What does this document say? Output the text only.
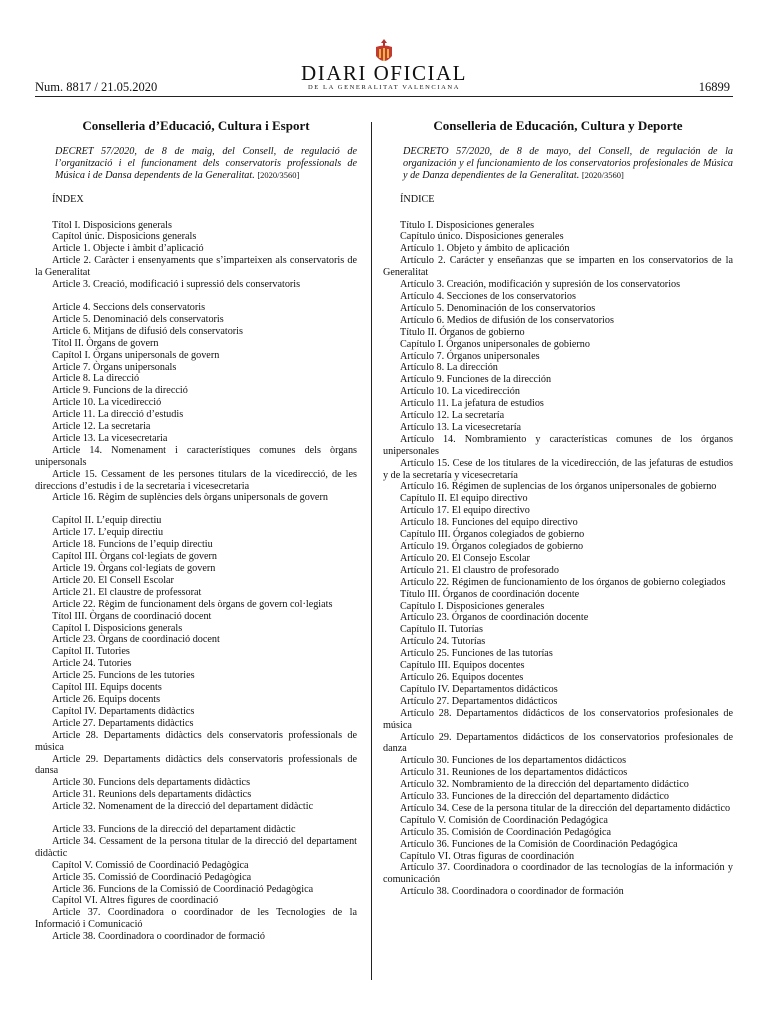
Num. 8817 / 21.05.2020
DIARI OFICIAL
DE LA GENERALITAT VALENCIANA	16899
Conselleria d’Educació, Cultura i Esport
DECRET 57/2020, de 8 de maig, del Consell, de regulació de l’organització i el funcionament dels conservatoris professionals de Música i de Dansa dependents de la Generalitat. [2020/3560]
ÍNDEX
Títol I. Disposicions generals
Capítol únic. Disposicions generals
Article 1. Objecte i àmbit d’aplicació
Article 2. Caràcter i ensenyaments que s’imparteixen als conservatoris de la Generalitat
Article 3. Creació, modificació i supressió dels conservatoris
Article 4. Seccions dels conservatoris
Article 5. Denominació dels conservatoris
Article 6. Mitjans de difusió dels conservatoris
Títol II. Òrgans de govern
Capítol I. Òrgans unipersonals de govern
Article 7. Òrgans unipersonals
Article 8. La direcció
Article 9. Funcions de la direcció
Article 10. La vicedirecció
Article 11. La direcció d’estudis
Article 12. La secretaria
Article 13. La vicesecretaria
Article 14. Nomenament i característiques comunes dels òrgans unipersonals
Article 15. Cessament de les persones titulars de la vicedirecció, de les direccions d’estudis i de la secretaria i vicesecretaria
Article 16. Règim de suplències dels òrgans unipersonals de govern
Capítol II. L’equip directiu
Article 17. L’equip directiu
Article 18. Funcions de l’equip directiu
Capítol III. Òrgans col·legiats de govern
Article 19. Òrgans col·legiats de govern
Article 20. El Consell Escolar
Article 21. El claustre de professorat
Article 22. Règim de funcionament dels òrgans de govern col·legiats
Títol III. Òrgans de coordinació docent
Capítol I. Disposicions generals
Article 23. Òrgans de coordinació docent
Capítol II. Tutories
Article 24. Tutories
Article 25. Funcions de les tutories
Capítol III. Equips docents
Article 26. Equips docents
Capítol IV. Departaments didàctics
Article 27. Departaments didàctics
Article 28. Departaments didàctics dels conservatoris professionals de música
Article 29. Departaments didàctics dels conservatoris professionals de dansa
Article 30. Funcions dels departaments didàctics
Article 31. Reunions dels departaments didàctics
Article 32. Nomenament de la direcció del departament didàctic
Article 33. Funcions de la direcció del departament didàctic
Article 34. Cessament de la persona titular de la direcció del departament didàctic
Capítol V. Comissió de Coordinació Pedagògica
Article 35. Comissió de Coordinació Pedagògica
Article 36. Funcions de la Comissió de Coordinació Pedagògica
Capítol VI. Altres figures de coordinació
Article 37. Coordinadora o coordinador de les Tecnologies de la Informació i Comunicació
Article 38. Coordinadora o coordinador de formació
Conselleria de Educación, Cultura y Deporte
DECRETO 57/2020, de 8 de mayo, del Consell, de regulación de la organización y el funcionamiento de los conservatorios profesionales de Música y de Danza dependientes de la Generalitat. [2020/3560]
ÍNDICE
Título I. Disposiciones generales
Capítulo único. Disposiciones generales
Artículo 1. Objeto y ámbito de aplicación
Artículo 2. Carácter y enseñanzas que se imparten en los conservatorios de la Generalitat
Artículo 3. Creación, modificación y supresión de los conservatorios
Artículo 4. Secciones de los conservatorios
Artículo 5. Denominación de los conservatorios
Artículo 6. Medios de difusión de los conservatorios
Título II. Órganos de gobierno
Capítulo I. Órganos unipersonales de gobierno
Artículo 7. Órganos unipersonales
Artículo 8. La dirección
Artículo 9. Funciones de la dirección
Artículo 10. La vicedirección
Artículo 11. La jefatura de estudios
Artículo 12. La secretaría
Artículo 13. La vicesecretaría
Artículo 14. Nombramiento y características comunes de los órganos unipersonales
Artículo 15. Cese de los titulares de la vicedirección, de las jefaturas de estudios y de la secretaría y vicesecretaría
Artículo 16. Régimen de suplencias de los órganos unipersonales de gobierno
Capítulo II. El equipo directivo
Artículo 17. El equipo directivo
Artículo 18. Funciones del equipo directivo
Capítulo III. Órganos colegiados de gobierno
Artículo 19. Órganos colegiados de gobierno
Artículo 20. El Consejo Escolar
Artículo 21. El claustro de profesorado
Artículo 22. Régimen de funcionamiento de los órganos de gobierno colegiados
Título III. Órganos de coordinación docente
Capítulo I. Disposiciones generales
Artículo 23. Órganos de coordinación docente
Capítulo II. Tutorías
Artículo 24. Tutorías
Artículo 25. Funciones de las tutorías
Capítulo III. Equipos docentes
Artículo 26. Equipos docentes
Capítulo IV. Departamentos didácticos
Artículo 27. Departamentos didácticos
Artículo 28. Departamentos didácticos de los conservatorios profesionales de música
Artículo 29. Departamentos didácticos de los conservatorios profesionales de danza
Artículo 30. Funciones de los departamentos didácticos
Artículo 31. Reuniones de los departamentos didácticos
Artículo 32. Nombramiento de la dirección del departamento didáctico
Artículo 33. Funciones de la dirección del departamento didáctico
Artículo 34. Cese de la persona titular de la dirección del departamento didáctico
Capítulo V. Comisión de Coordinación Pedagógica
Artículo 35. Comisión de Coordinación Pedagógica
Artículo 36. Funciones de la Comisión de Coordinación Pedagógica
Capítulo VI. Otras figuras de coordinación
Artículo 37. Coordinadora o coordinador de las tecnologías de la información y comunicación
Artículo 38. Coordinadora o coordinador de formación
